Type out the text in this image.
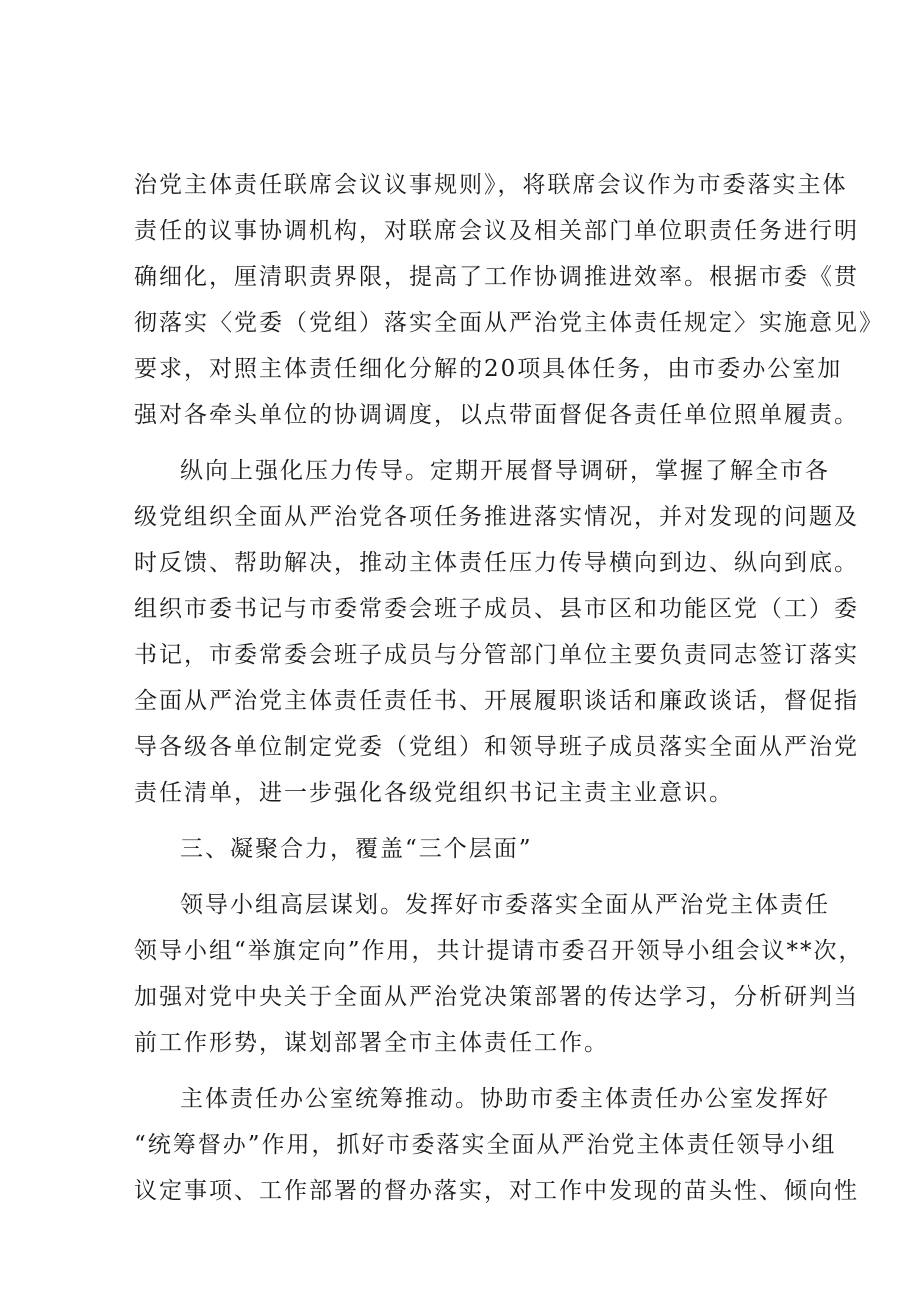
治党主体责任联席会议议事规则》，将联席会议作为市委落实主体
责任的议事协调机构，对联席会议及相关部门单位职责任务进行明
确细化，厘清职责界限，提高了工作协调推进效率。根据市委《贯
彻落实〈党委（党组）落实全面从严治党主体责任规定〉实施意见》
要求，对照主体责任细化分解的20项具体任务，由市委办公室加
强对各牵头单位的协调调度，以点带面督促各责任单位照单履责。
纵向上强化压力传导。定期开展督导调研，掌握了解全市各
级党组织全面从严治党各项任务推进落实情况，并对发现的问题及
时反馈、帮助解决，推动主体责任压力传导横向到边、纵向到底。
组织市委书记与市委常委会班子成员、县市区和功能区党（工）委
书记，市委常委会班子成员与分管部门单位主要负责同志签订落实
全面从严治党主体责任责任书、开展履职谈话和廉政谈话，督促指
导各级各单位制定党委（党组）和领导班子成员落实全面从严治党
责任清单，进一步强化各级党组织书记主责主业意识。
三、凝聚合力，覆盖“三个层面”
领导小组高层谋划。发挥好市委落实全面从严治党主体责任
领导小组“举旗定向”作用，共计提请市委召开领导小组会议**次，
加强对党中央关于全面从严治党决策部署的传达学习，分析研判当
前工作形势，谋划部署全市主体责任工作。
主体责任办公室统筹推动。协助市委主体责任办公室发挥好
“统筹督办”作用，抓好市委落实全面从严治党主体责任领导小组
议定事项、工作部署的督办落实，对工作中发现的苗头性、倾向性
